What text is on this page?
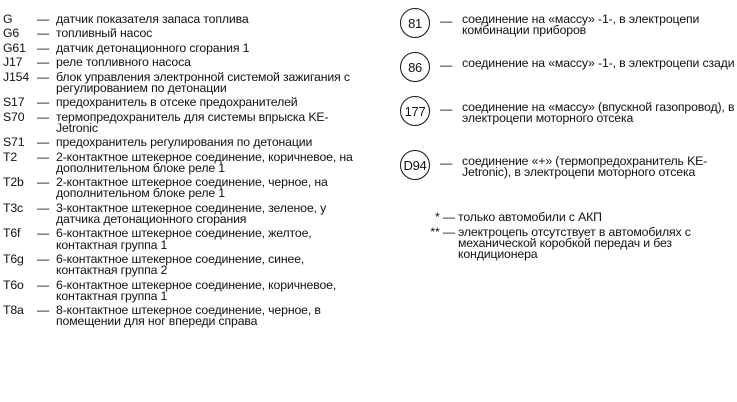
G	— датчик показателя запаса топлива
G6	— топливный насос
G61 — датчик детонационного сгорания 1
J17	— реле топливного насоса
J154 — блок управления электронной системой зажигания с регулированием по детонации
S17	— предохранитель в отсеке предохранителей
S70	— термопредохранитель для системы впрыска KE-Jetronic
S71	— предохранитель регулирования по детонации
T2	— 2-контактное штекерное соединение, коричневое, на дополнительном блоке реле 1
T2b	— 2-контактное штекерное соединение, черное, на дополнительном блоке реле 1
T3c	— 3-контактное штекерное соединение, зеленое, у датчика детонационного сгорания
T6f	— 6-контактное штекерное соединение, желтое, контактная группа 1
T6g	— 6-контактное штекерное соединение, синее, контактная группа 2
T6o	— 6-контактное штекерное соединение, коричневое, контактная группа 1
T8a	— 8-контактное штекерное соединение, черное, в помещении для ног впереди справа
81	— соединение на «массу» -1-, в электроцепи комбинации приборов
86	— соединение на «массу» -1-, в электроцепи сзади
177	— соединение на «массу» (впускной газопровод), в электроцепи моторного отсека
D94 — соединение «+» (термопредохранитель KE-Jetronic), в электроцепи моторного отсека
* — только автомобили с АКП
** — электроцепь отсутствует в автомобилях с механической коробкой передач и без кондиционера
